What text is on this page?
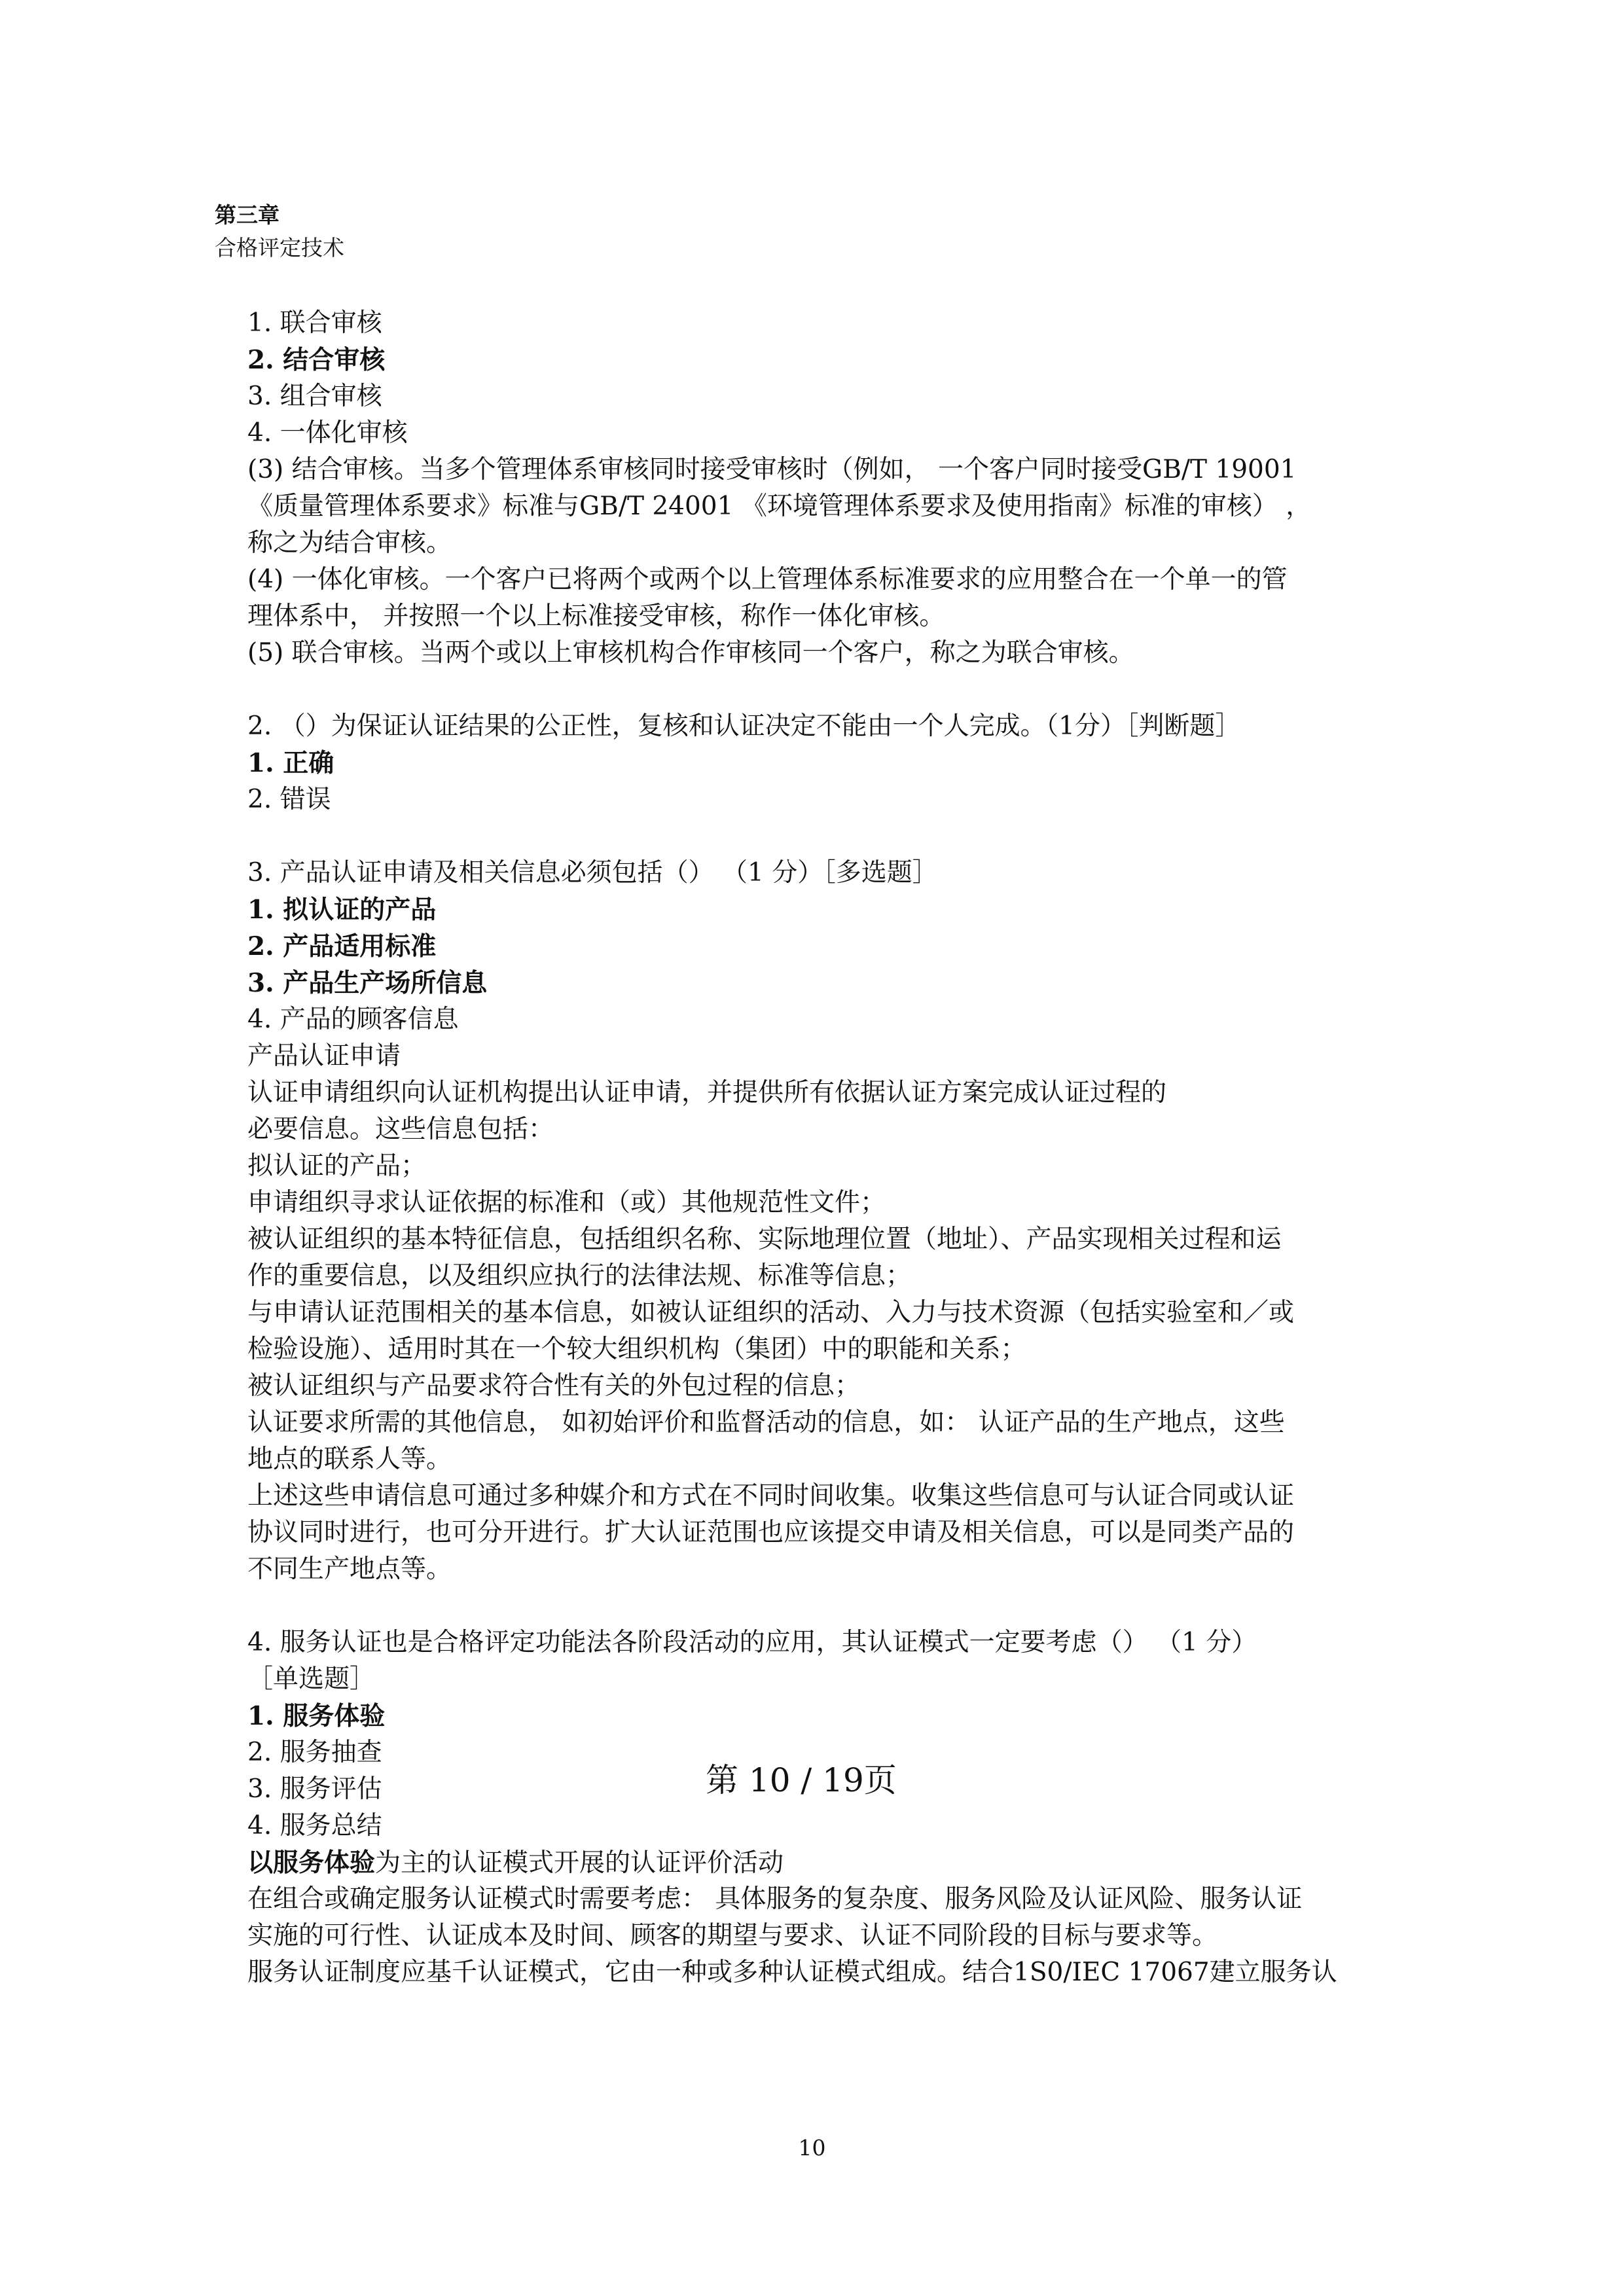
第三章
合格评定技术
1. 联合审核
2. 结合审核
3. 组合审核
4. 一体化审核
(3) 结合审核。当多个管理体系审核同时接受审核时（例如， 一个客户同时接受GB/T 19001
《质量管理体系要求》标准与GB/T 24001 《环境管理体系要求及使用指南》标准的审核） ，
称之为结合审核。
(4) 一体化审核。一个客户已将两个或两个以上管理体系标准要求的应用整合在一个单一的管
理体系中， 并按照一个以上标准接受审核，称作一体化审核。
(5) 联合审核。当两个或以上审核机构合作审核同一个客户，称之为联合审核。
2. （）为保证认证结果的公正性，复核和认证决定不能由一个人完成。（1分）［判断题］
1. 正确
2. 错误
3. 产品认证申请及相关信息必须包括（） （1 分）［多选题］
1. 拟认证的产品
2. 产品适用标准
3. 产品生产场所信息
4. 产品的顾客信息
产品认证申请
认证申请组织向认证机构提出认证申请，并提供所有依据认证方案完成认证过程的
必要信息。这些信息包括：
拟认证的产品；
申请组织寻求认证依据的标准和（或）其他规范性文件；
被认证组织的基本特征信息，包括组织名称、实际地理位置（地址）、产品实现相关过程和运
作的重要信息，以及组织应执行的法律法规、标准等信息；
与申请认证范围相关的基本信息，如被认证组织的活动、入力与技术资源（包括实验室和／或
检验设施）、适用时其在一个较大组织机构（集团）中的职能和关系；
被认证组织与产品要求符合性有关的外包过程的信息；
认证要求所需的其他信息， 如初始评价和监督活动的信息，如： 认证产品的生产地点，这些
地点的联系人等。
上述这些申请信息可通过多种媒介和方式在不同时间收集。收集这些信息可与认证合同或认证
协议同时进行，也可分开进行。扩大认证范围也应该提交申请及相关信息，可以是同类产品的
不同生产地点等。
4. 服务认证也是合格评定功能法各阶段活动的应用，其认证模式一定要考虑（） （1 分）
［单选题］
1. 服务体验
2. 服务抽查
3. 服务评估
4. 服务总结
以服务体验为主的认证模式开展的认证评价活动
在组合或确定服务认证模式时需要考虑： 具体服务的复杂度、服务风险及认证风险、服务认证
实施的可行性、认证成本及时间、顾客的期望与要求、认证不同阶段的目标与要求等。
服务认证制度应基千认证模式，它由一种或多种认证模式组成。结合1S0/IEC 17067建立服务认
第 10 / 19页
10
